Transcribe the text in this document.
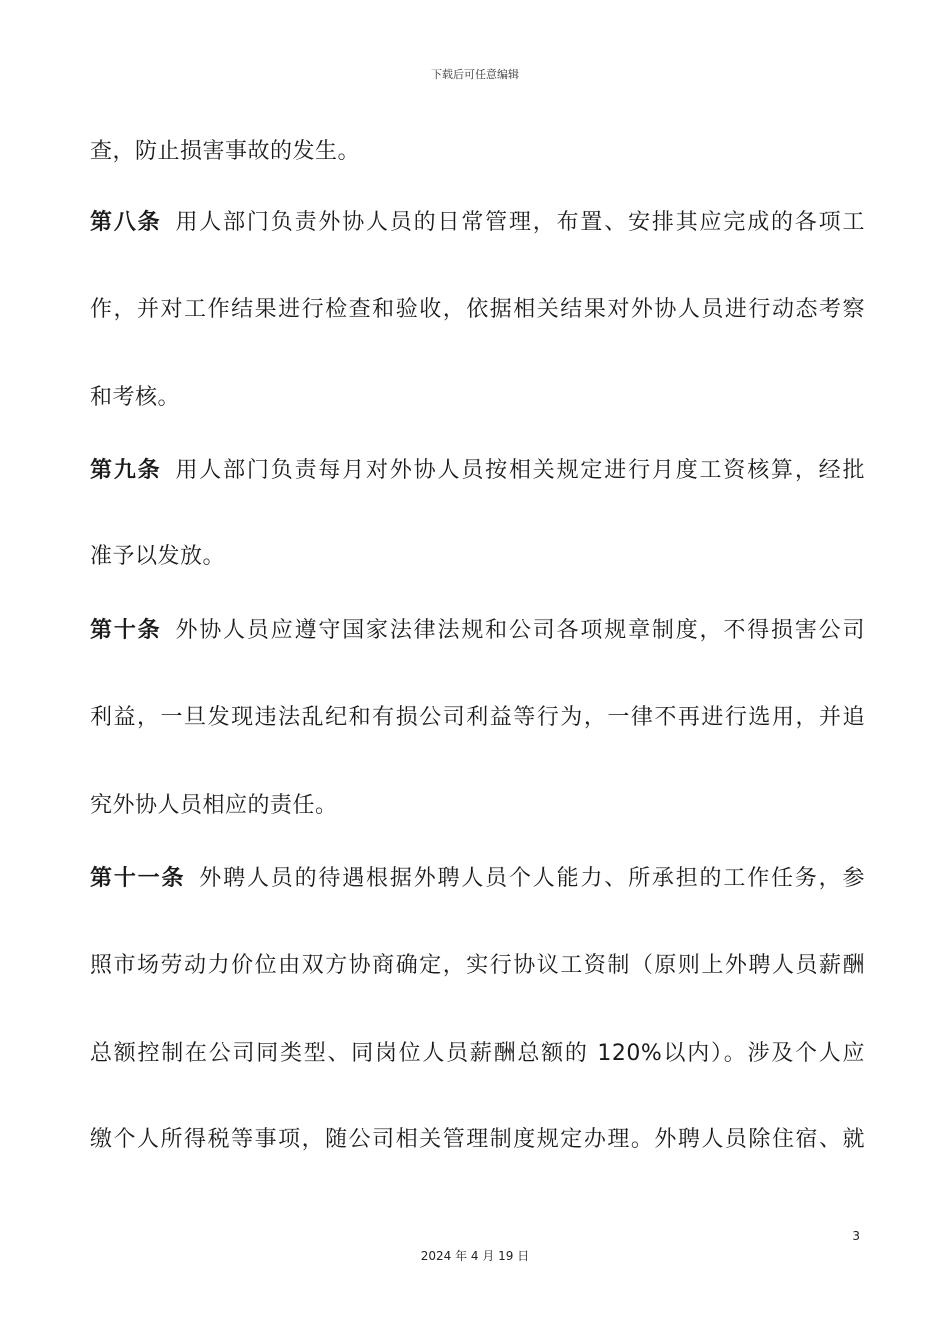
下载后可任意编辑
查，防止损害事故的发生。
第八条 用人部门负责外协人员的日常管理，布置、安排其应完成的各项工
作，并对工作结果进行检查和验收，依据相关结果对外协人员进行动态考察
和考核。
第九条 用人部门负责每月对外协人员按相关规定进行月度工资核算，经批
准予以发放。
第十条 外协人员应遵守国家法律法规和公司各项规章制度，不得损害公司
利益，一旦发现违法乱纪和有损公司利益等行为，一律不再进行选用，并追
究外协人员相应的责任。
第十一条 外聘人员的待遇根据外聘人员个人能力、所承担的工作任务，参
照市场劳动力价位由双方协商确定，实行协议工资制（原则上外聘人员薪酬
总额控制在公司同类型、同岗位人员薪酬总额的 120%以内）。涉及个人应
缴个人所得税等事项，随公司相关管理制度规定办理。外聘人员除住宿、就
3
2024 年 4 月 19 日
